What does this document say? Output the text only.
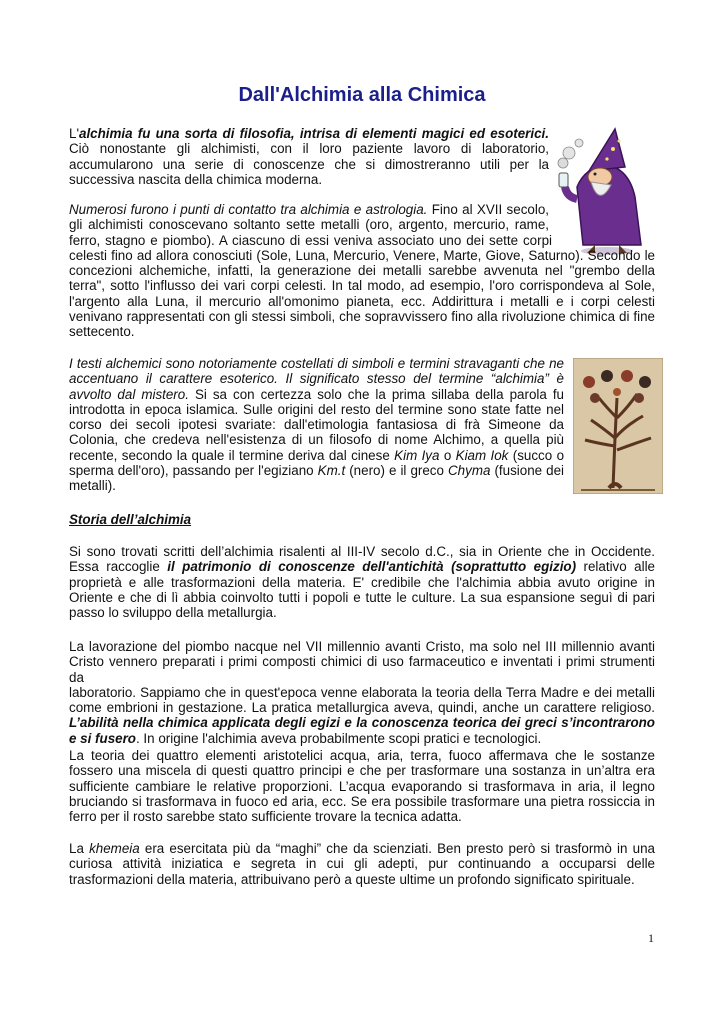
Dall'Alchimia alla Chimica
L'alchimia fu una sorta di filosofia, intrisa di elementi magici ed esoterici.
Ciò nonostante gli alchimisti, con il loro paziente lavoro di laboratorio,
accumularono una serie di conoscenze che si dimostreranno utili per la
successiva nascita della chimica moderna.
Numerosi furono i punti di contatto tra alchimia e astrologia. Fino al XVII secolo,
gli alchimisti conoscevano soltanto sette metalli (oro, argento, mercurio, rame,
ferro, stagno e piombo). A ciascuno di essi veniva associato uno dei sette corpi
celesti fino ad allora conosciuti (Sole, Luna, Mercurio, Venere, Marte, Giove, Saturno). Secondo le
concezioni alchemiche, infatti, la generazione dei metalli sarebbe avvenuta nel "grembo della
terra", sotto l'influsso dei vari corpi celesti. In tal modo, ad esempio, l'oro corrispondeva al Sole,
l'argento alla Luna, il mercurio all'omonimo pianeta, ecc. Addirittura i metalli e i corpi celesti
venivano rappresentati con gli stessi simboli, che sopravvissero fino alla rivoluzione chimica di fine
settecento.
I testi alchemici sono notoriamente costellati di simboli e termini stravaganti che ne
accentuano il carattere esoterico. Il significato stesso del termine “alchimia” è
avvolto dal mistero. Si sa con certezza solo che la prima sillaba della parola fu
introdotta in epoca islamica. Sulle origini del resto del termine sono state fatte nel
corso dei secoli ipotesi svariate: dall'etimologia fantasiosa di frà Simeone da
Colonia, che credeva nell'esistenza di un filosofo di nome Alchimo, a quella più
recente, secondo la quale il termine deriva dal cinese Kim Iya o Kiam Iok (succo o
sperma dell'oro), passando per l'egiziano Km.t (nero) e il greco Chyma (fusione dei
metalli).
Storia dell’alchimia
Si sono trovati scritti dell’alchimia risalenti al III-IV secolo d.C., sia in Oriente che in Occidente.
Essa raccoglie il patrimonio di conoscenze dell'antichità (soprattutto egizio) relativo alle
proprietà e alle trasformazioni della materia. E' credibile che l'alchimia abbia avuto origine in
Oriente e che di lì abbia coinvolto tutti i popoli e tutte le culture. La sua espansione seguì di pari
passo lo sviluppo della metallurgia.
La lavorazione del piombo nacque nel VII millennio avanti Cristo, ma solo nel III millennio avanti
Cristo vennero preparati i primi composti chimici di uso farmaceutico e inventati i primi strumenti da
laboratorio. Sappiamo che in quest'epoca venne elaborata la teoria della Terra Madre e dei metalli
come embrioni in gestazione. La pratica metallurgica aveva, quindi, anche un carattere religioso.
L’abilità nella chimica applicata degli egizi e la conoscenza teorica dei greci s’incontrarono
e si fusero. In origine l'alchimia aveva probabilmente scopi pratici e tecnologici.
La teoria dei quattro elementi aristotelici acqua, aria, terra, fuoco affermava che le sostanze
fossero una miscela di questi quattro principi e che per trasformare una sostanza in un’altra era
sufficiente cambiare le relative proporzioni. L’acqua evaporando si trasformava in aria, il legno
bruciando si trasformava in fuoco ed aria, ecc. Se era possibile trasformare una pietra rossiccia in
ferro per il rosto sarebbe stato sufficiente trovare la tecnica adatta.
La khemeia era esercitata più da “maghi” che da scienziati. Ben presto però si trasformò in una
curiosa attività iniziatica e segreta in cui gli adepti, pur continuando a occuparsi delle
trasformazioni della materia, attribuivano però a queste ultime un profondo significato spirituale.
1
